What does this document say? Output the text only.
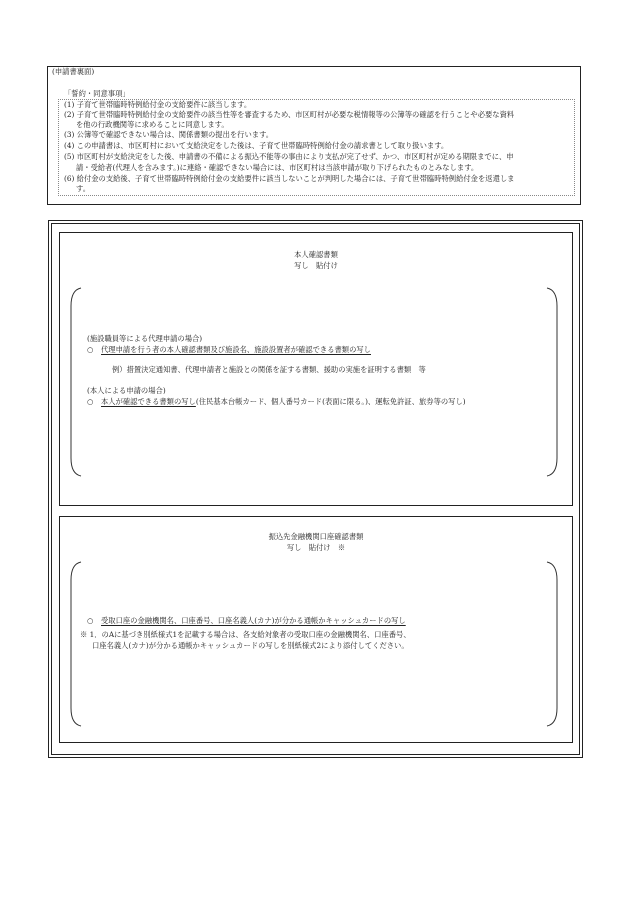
(申請書裏面)
「誓約・同意事項」
(1) 子育て世帯臨時特例給付金の支給要件に該当します。
(2) 子育て世帯臨時特例給付金の支給要件の該当性等を審査するため、市区町村が必要な税情報等の公簿等の確認を行うことや必要な資料
を他の行政機関等に求めることに同意します。
(3) 公簿等で確認できない場合は、関係書類の提出を行います。
(4) この申請書は、市区町村において支給決定をした後は、子育て世帯臨時特例給付金の請求書として取り扱います。
(5) 市区町村が支給決定をした後、申請書の不備による振込不能等の事由により支払が完了せず、かつ、市区町村が定める期限までに、申
請・受給者(代理人を含みます。)に連絡・確認できない場合には、市区町村は当該申請が取り下げられたものとみなします。
(6) 給付金の支給後、子育て世帯臨時特例給付金の支給要件に該当しないことが判明した場合には、子育て世帯臨時特例給付金を返還しま
す。
本人確認書類
写し　貼付け
(施設職員等による代理申請の場合)
○ 代理申請を行う者の本人確認書類及び施設名、施設設置者が確認できる書類の写し
例）措置決定通知書、代理申請者と施設との関係を証する書類、援助の実施を証明する書類　等
(本人による申請の場合)
○ 本人が確認できる書類の写し(住民基本台帳カード、個人番号カード(表面に限る。)、運転免許証、旅券等の写し)
振込先金融機関口座確認書類
写し　貼付け　※
○ 受取口座の金融機関名、口座番号、口座名義人(カナ)が分かる通帳かキャッシュカードの写し
※ 1．のAに基づき別紙様式1を記載する場合は、各支給対象者の受取口座の金融機関名、口座番号、
口座名義人(カナ)が分かる通帳かキャッシュカードの写しを別紙様式2により添付してください。
